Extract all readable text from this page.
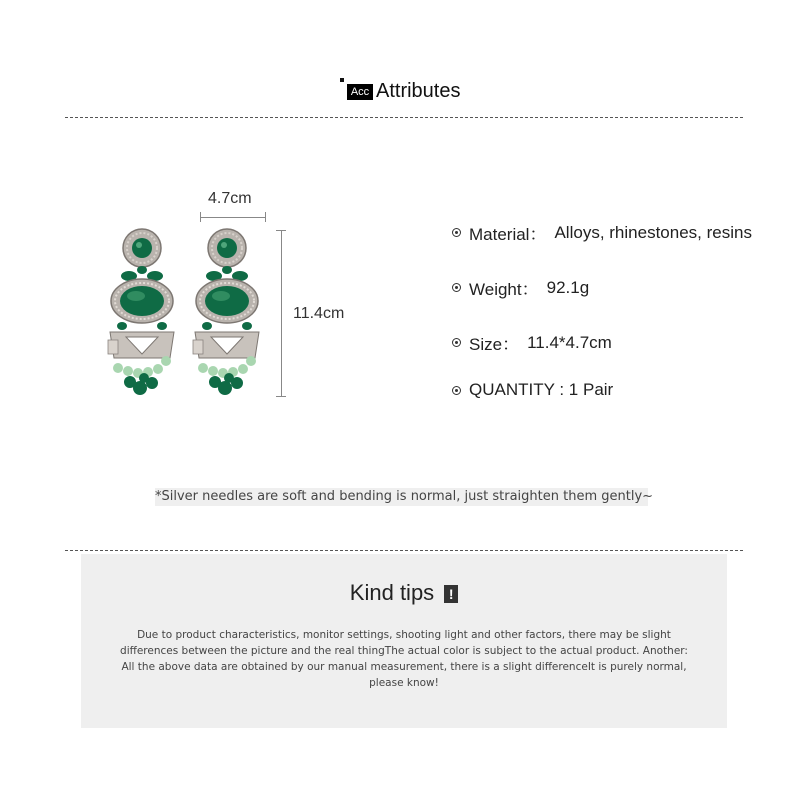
Acc Attributes
4.7cm
11.4cm
Material： Alloys, rhinestones, resins
Weight： 92.1g
Size： 11.4*4.7cm
QUANTITY : 1 Pair
*Silver needles are soft and bending is normal, just straighten them gently~
Kind tips !
Due to product characteristics, monitor settings, shooting light and other factors, there may be slight differences between the picture and the real thingThe actual color is subject to the actual product. Another: All the above data are obtained by our manual measurement, there is a slight differenceIt is purely normal, please know!
